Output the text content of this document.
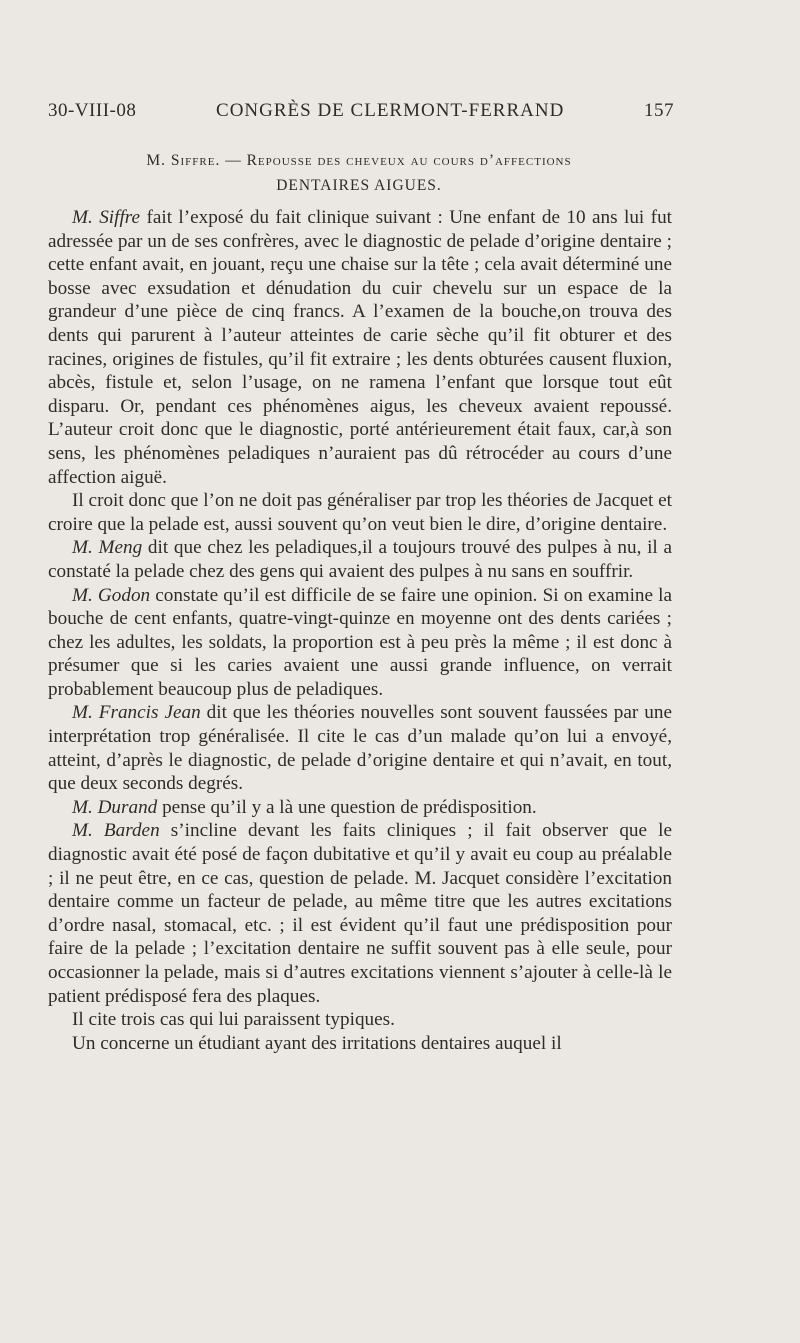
30-VIII-08	CONGRÈS DE CLERMONT-FERRAND	157
M. Siffre. — Repousse des cheveux au cours d’affections
DENTAIRES AIGUES.

M. Siffre fait l’exposé du fait clinique suivant : Une enfant de 10 ans lui fut adressée par un de ses confrères, avec le diagnostic de pelade d’origine dentaire ; cette enfant avait, en jouant, reçu une chaise sur la tête ; cela avait déterminé une bosse avec exsudation et dénudation du cuir chevelu sur un espace de la grandeur d’une pièce de cinq francs. A l’examen de la bouche,on trouva des dents qui parurent à l’auteur atteintes de carie sèche qu’il fit obturer et des racines, origines de fistules, qu’il fit extraire ; les dents obturées causent fluxion, abcès, fistule et, selon l’usage, on ne ramena l’enfant que lorsque tout eût disparu. Or, pendant ces phénomènes aigus, les cheveux avaient repoussé. L’auteur croit donc que le diagnostic, porté antérieurement était faux, car,à son sens, les phénomènes peladiques n’auraient pas dû rétrocéder au cours d’une affection aiguë.

Il croit donc que l’on ne doit pas généraliser par trop les théories de Jacquet et croire que la pelade est, aussi souvent qu’on veut bien le dire, d’origine dentaire.

M. Meng dit que chez les peladiques,il a toujours trouvé des pulpes à nu, il a constaté la pelade chez des gens qui avaient des pulpes à nu sans en souffrir.

M. Godon constate qu’il est difficile de se faire une opinion. Si on examine la bouche de cent enfants, quatre-vingt-quinze en moyenne ont des dents cariées ; chez les adultes, les soldats, la proportion est à peu près la même ; il est donc à présumer que si les caries avaient une aussi grande influence, on verrait probablement beaucoup plus de peladiques.

M. Francis Jean dit que les théories nouvelles sont souvent faussées par une interprétation trop généralisée. Il cite le cas d’un malade qu’on lui a envoyé, atteint, d’après le diagnostic, de pelade d’origine dentaire et qui n’avait, en tout, que deux seconds degrés.

M. Durand pense qu’il y a là une question de prédisposition.

M. Barden s’incline devant les faits cliniques ; il fait observer que le diagnostic avait été posé de façon dubitative et qu’il y avait eu coup au préalable ; il ne peut être, en ce cas, question de pelade. M. Jacquet considère l’excitation dentaire comme un facteur de pelade, au même titre que les autres excitations d’ordre nasal, stomacal, etc. ; il est évident qu’il faut une prédisposition pour faire de la pelade ; l’excitation dentaire ne suffit souvent pas à elle seule, pour occasionner la pelade, mais si d’autres excitations viennent s’ajouter à celle-là le patient prédisposé fera des plaques.

Il cite trois cas qui lui paraissent typiques.

Un concerne un étudiant ayant des irritations dentaires auquel il
